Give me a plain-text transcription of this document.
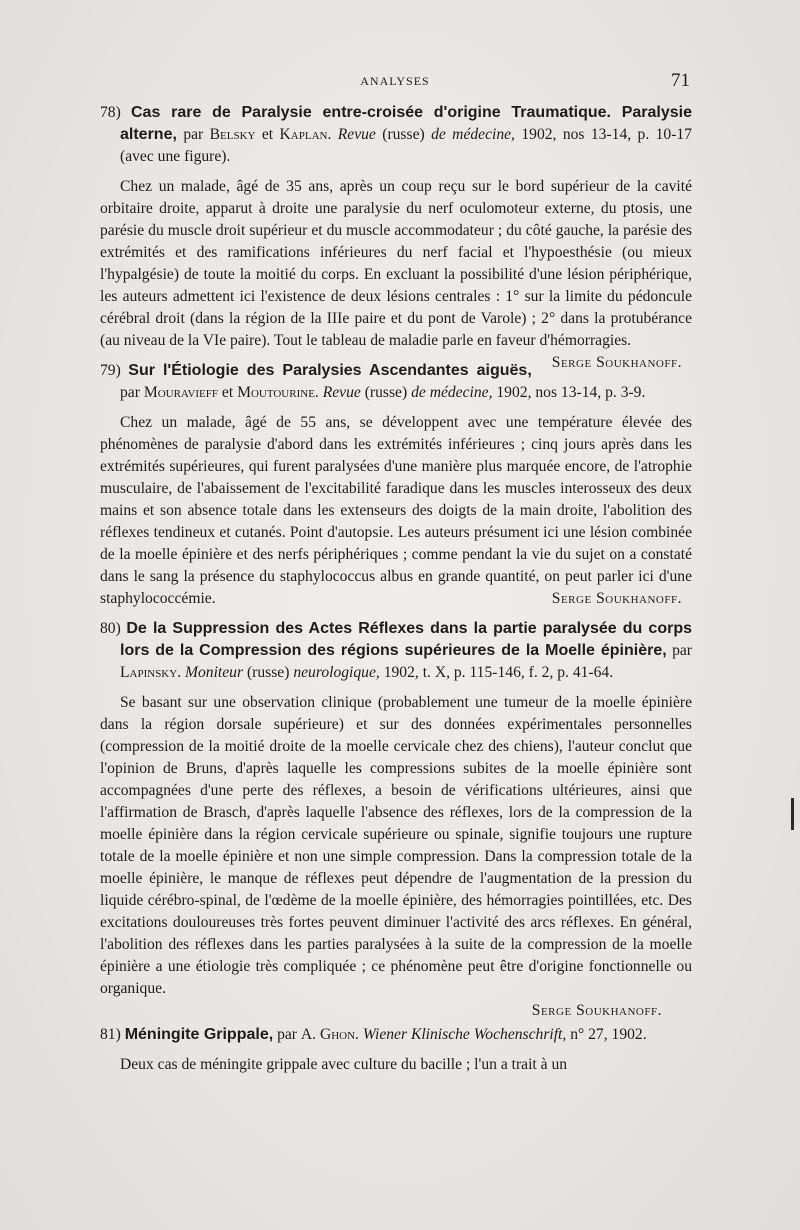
ANALYSES	71
78) Cas rare de Paralysie entre-croisée d'origine Traumatique. Paralysie alterne, par Belsky et Kaplan. Revue (russe) de médecine, 1902, nos 13-14, p. 10-17 (avec une figure).

Chez un malade, âgé de 35 ans, après un coup reçu sur le bord supérieur de la cavité orbitaire droite, apparut à droite une paralysie du nerf oculomoteur externe, du ptosis, une parésie du muscle droit supérieur et du muscle accommodateur ; du côté gauche, la parésie des extrémités et des ramifications inférieures du nerf facial et l'hypoesthésie (ou mieux l'hypalgésie) de toute la moitié du corps. En excluant la possibilité d'une lésion périphérique, les auteurs admettent ici l'existence de deux lésions centrales : 1° sur la limite du pédoncule cérébral droit (dans la région de la IIIe paire et du pont de Varole) ; 2° dans la protubérance (au niveau de la VIe paire). Tout le tableau de maladie parle en faveur d'hémorragies.
Serge Soukhanoff.

79) Sur l'Étiologie des Paralysies Ascendantes aiguës, par Mouravieff et Moutourine. Revue (russe) de médecine, 1902, nos 13-14, p. 3-9.

Chez un malade, âgé de 55 ans, se développent avec une température élevée des phénomènes de paralysie d'abord dans les extrémités inférieures ; cinq jours après dans les extrémités supérieures, qui furent paralysées d'une manière plus marquée encore, de l'atrophie musculaire, de l'abaissement de l'excitabilité faradique dans les muscles interosseux des deux mains et son absence totale dans les extenseurs des doigts de la main droite, l'abolition des réflexes tendineux et cutanés. Point d'autopsie. Les auteurs présument ici une lésion combinée de la moelle épinière et des nerfs périphériques ; comme pendant la vie du sujet on a constaté dans le sang la présence du staphylococcus albus en grande quantité, on peut parler ici d'une staphylococcémie.	Serge Soukhanoff.

80) De la Suppression des Actes Réflexes dans la partie paralysée du corps lors de la Compression des régions supérieures de la Moelle épinière, par Lapinsky. Moniteur (russe) neurologique, 1902, t. X, p. 115-146, f. 2, p. 41-64.

Se basant sur une observation clinique (probablement une tumeur de la moelle épinière dans la région dorsale supérieure) et sur des données expérimentales personnelles (compression de la moitié droite de la moelle cervicale chez des chiens), l'auteur conclut que l'opinion de Bruns, d'après laquelle les compressions subites de la moelle épinière sont accompagnées d'une perte des réflexes, a besoin de vérifications ultérieures, ainsi que l'affirmation de Brasch, d'après laquelle l'absence des réflexes, lors de la compression de la moelle épinière dans la région cervicale supérieure ou spinale, signifie toujours une rupture totale de la moelle épinière et non une simple compression. Dans la compression totale de la moelle épinière, le manque de réflexes peut dépendre de l'augmentation de la pression du liquide cérébro-spinal, de l'œdème de la moelle épinière, des hémorragies pointillées, etc. Des excitations douloureuses très fortes peuvent diminuer l'activité des arcs réflexes. En général, l'abolition des réflexes dans les parties paralysées à la suite de la compression de la moelle épinière a une étiologie très compliquée ; ce phénomène peut être d'origine fonctionnelle ou organique.
Serge Soukhanoff.

81) Méningite Grippale, par A. Ghon. Wiener Klinische Wochenschrift, n° 27, 1902.

Deux cas de méningite grippale avec culture du bacille ; l'un a trait à un
